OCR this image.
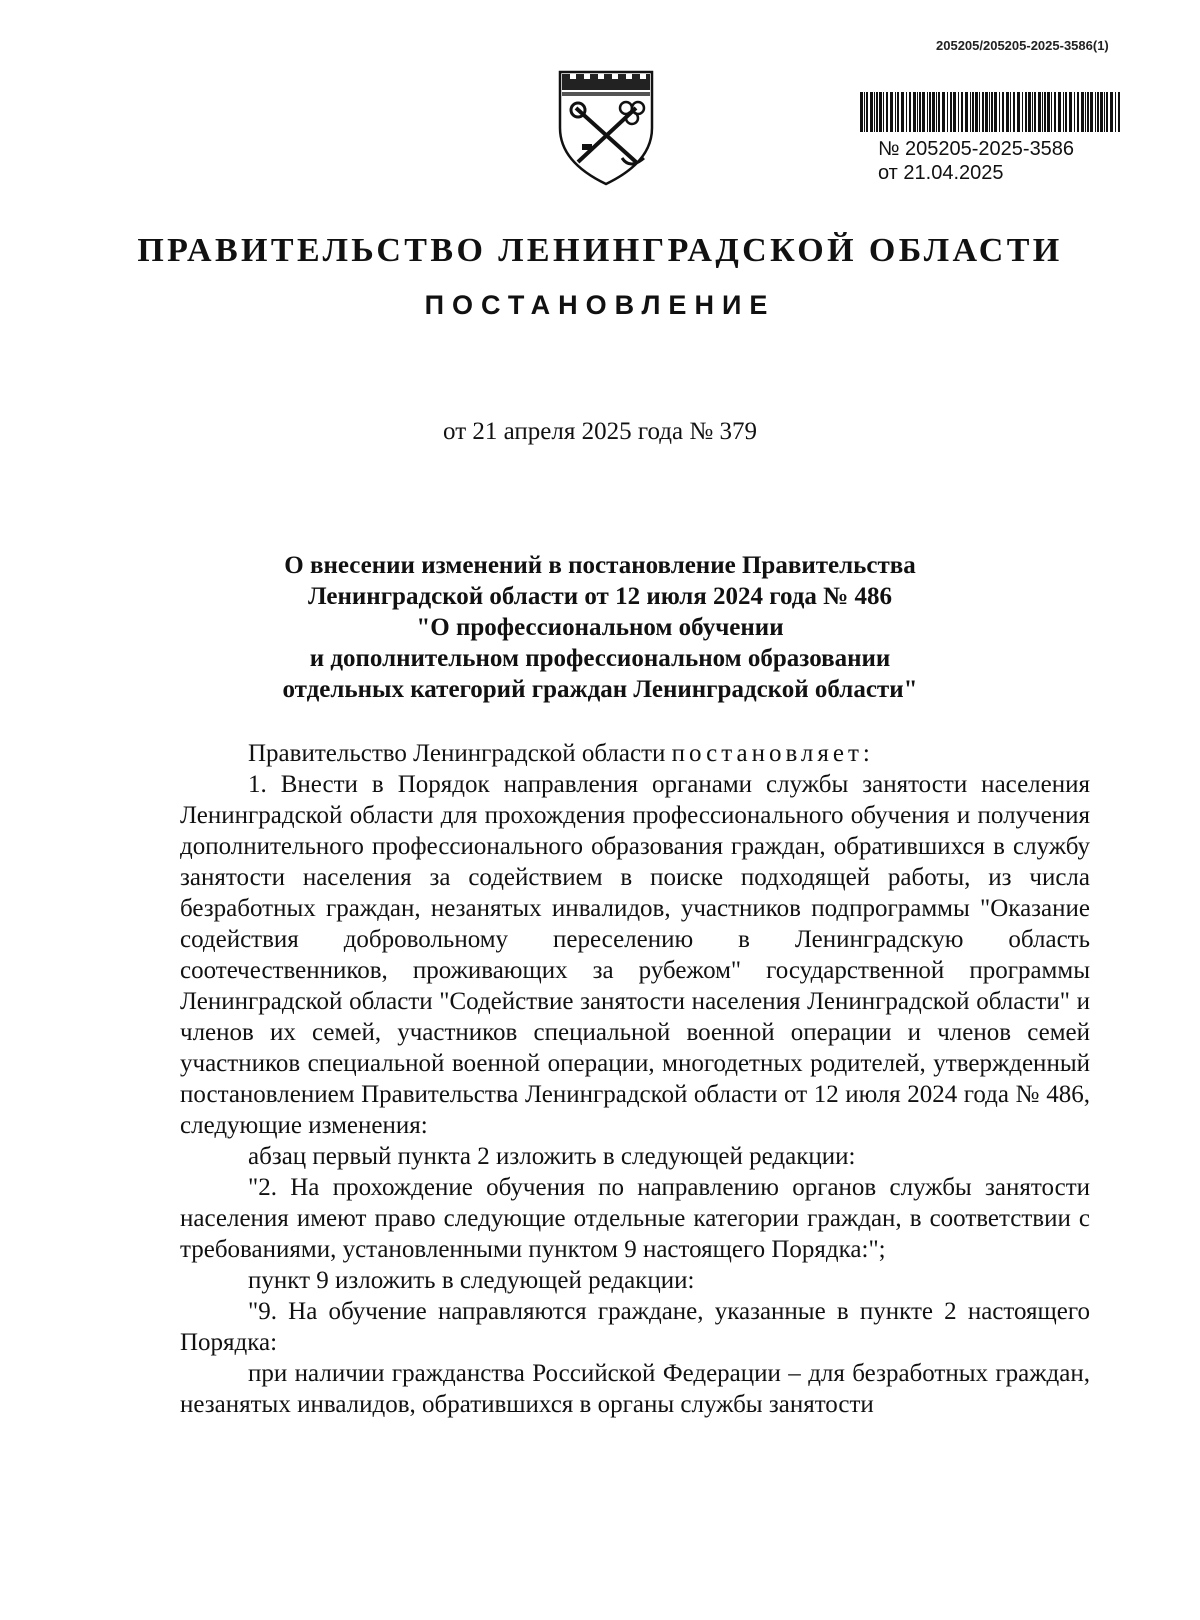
205205/205205-2025-3586(1)
№ 205205-2025-3586
от 21.04.2025
ПРАВИТЕЛЬСТВО ЛЕНИНГРАДСКОЙ ОБЛАСТИ
ПОСТАНОВЛЕНИЕ
от 21 апреля 2025 года № 379
О внесении изменений в постановление Правительства
Ленинградской области от 12 июля 2024 года № 486
"О профессиональном обучении
и дополнительном профессиональном образовании
отдельных категорий граждан Ленинградской области"

Правительство Ленинградской области постановляет:

1. Внести в Порядок направления органами службы занятости населения Ленинградской области для прохождения профессионального обучения и получения дополнительного профессионального образования граждан, обратившихся в службу занятости населения за содействием в поиске подходящей работы, из числа безработных граждан, незанятых инвалидов, участников подпрограммы "Оказание содействия добровольному переселению в Ленинградскую область соотечественников, проживающих за рубежом" государственной программы Ленинградской области "Содействие занятости населения Ленинградской области" и членов их семей, участников специальной военной операции и членов семей участников специальной военной операции, многодетных родителей, утвержденный постановлением Правительства Ленинградской области от 12 июля 2024 года № 486, следующие изменения:

абзац первый пункта 2 изложить в следующей редакции:

"2. На прохождение обучения по направлению органов службы занятости населения имеют право следующие отдельные категории граждан, в соответствии с требованиями, установленными пунктом 9 настоящего Порядка:";

пункт 9 изложить в следующей редакции:

"9. На обучение направляются граждане, указанные в пункте 2 настоящего Порядка:

при наличии гражданства Российской Федерации – для безработных граждан, незанятых инвалидов, обратившихся в органы службы занятости
